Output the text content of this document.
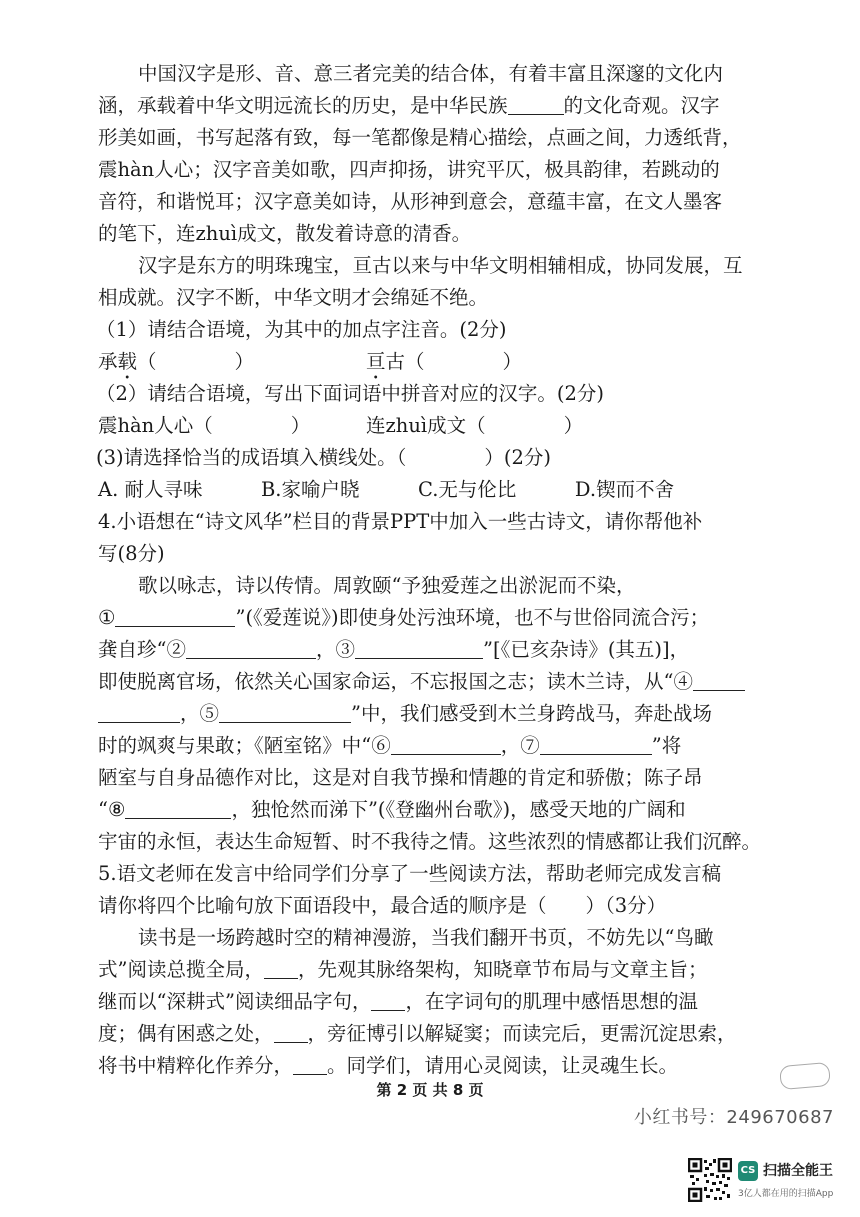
中国汉字是形、音、意三者完美的结合体，有着丰富且深邃的文化内
涵，承载着中华文明远流长的历史，是中华民族	的文化奇观。汉字
形美如画，书写起落有致，每一笔都像是精心描绘，点画之间，力透纸背，
震hàn人心；汉字音美如歌，四声抑扬，讲究平仄，极具韵律，若跳动的
音符，和谐悦耳；汉字意美如诗，从形神到意会，意蕴丰富，在文人墨客
的笔下，连zhuì成文，散发着诗意的清香。
汉字是东方的明珠瑰宝，亘古以来与中华文明相辅相成，协同发展，互
相成就。汉字不断，中华文明才会绵延不绝。
（1）请结合语境，为其中的加点字注音。(2分)
承载（　　　　）	亘古（　　　　）
（2）请结合语境，写出下面词语中拼音对应的汉字。(2分)
震hàn人心（　　　　）	连zhuì成文（　　　　）
(3)请选择恰当的成语填入横线处。（　　　　）(2分)
A. 耐人寻味　　　B.家喻户晓　　　C.无与伦比　　　D.锲而不舍
4.小语想在“诗文风华”栏目的背景PPT中加入一些古诗文，请你帮他补
写(8分)
歌以咏志，诗以传情。周敦颐“予独爱莲之出淤泥而不染，
①	”(《爱莲说》)即使身处污浊环境，也不与世俗同流合污；
龚自珍“②	，③	”[《已亥杂诗》(其五)]，
即使脱离官场，依然关心国家命运，不忘报国之志；读木兰诗，从“④
，⑤	”中，我们感受到木兰身跨战马，奔赴战场
时的飒爽与果敢；《陋室铭》中“⑥	，⑦	”将
陋室与自身品德作对比，这是对自我节操和情趣的肯定和骄傲；陈子昂
“⑧	，独怆然而涕下”(《登幽州台歌》)，感受天地的广阔和
宇宙的永恒，表达生命短暂、时不我待之情。这些浓烈的情感都让我们沉醉。
5.语文老师在发言中给同学们分享了一些阅读方法，帮助老师完成发言稿
请你将四个比喻句放下面语段中，最合适的顺序是（　　）（3分）
读书是一场跨越时空的精神漫游，当我们翻开书页，不妨先以“鸟瞰
式”阅读总揽全局， ，先观其脉络架构，知晓章节布局与文章主旨；
继而以“深耕式”阅读细品字句， ，在字词句的肌理中感悟思想的温
度；偶有困惑之处， ，旁征博引以解疑窦；而读完后，更需沉淀思索，
将书中精粹化作养分， 。同学们，请用心灵阅读，让灵魂生长。
第 2 页 共 8 页
小红书号：249670687
CS 扫描全能王
3亿人都在用的扫描App
